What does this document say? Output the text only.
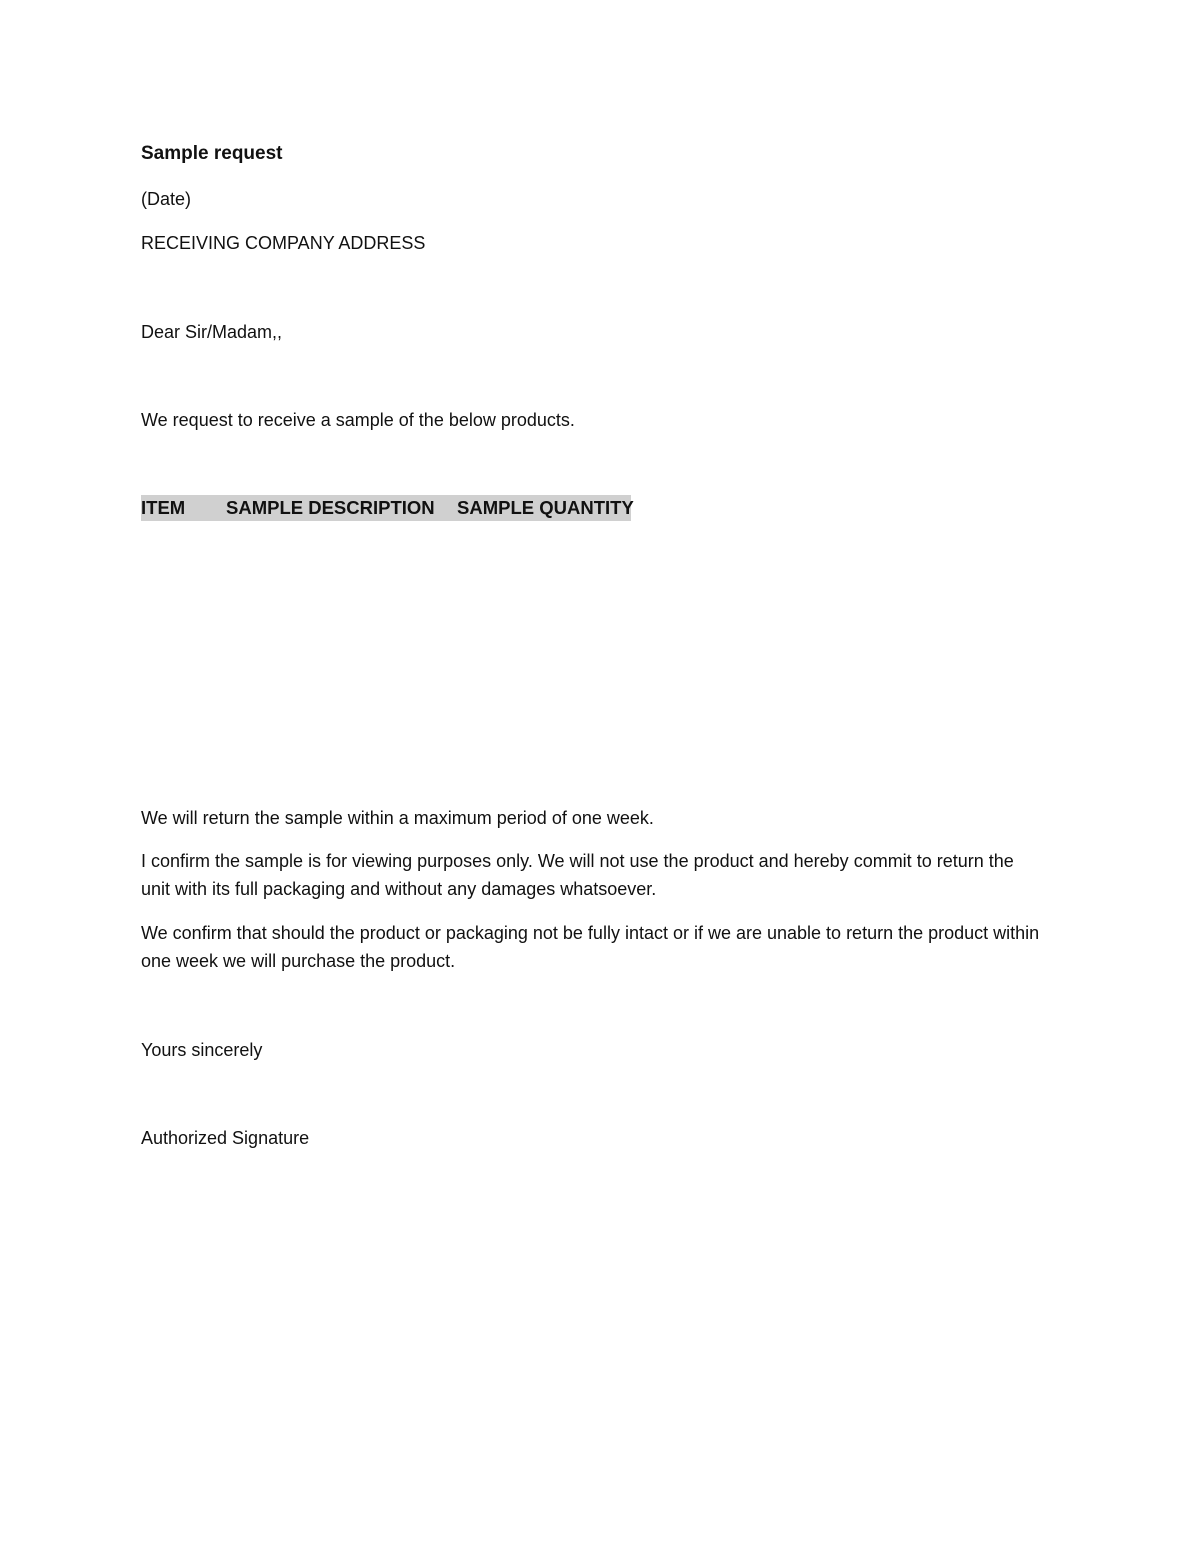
Sample request
(Date)
RECEIVING COMPANY ADDRESS
Dear Sir/Madam,,
We request to receive a sample of the below products.
ITEM SAMPLE DESCRIPTION SAMPLE QUANTITY
We will return the sample within a maximum period of one week.
I confirm the sample is for viewing purposes only. We will not use the product and hereby commit to return the unit with its full packaging and without any damages whatsoever.
We confirm that should the product or packaging not be fully intact or if we are unable to return the product within one week we will purchase the product.
Yours sincerely
Authorized Signature
